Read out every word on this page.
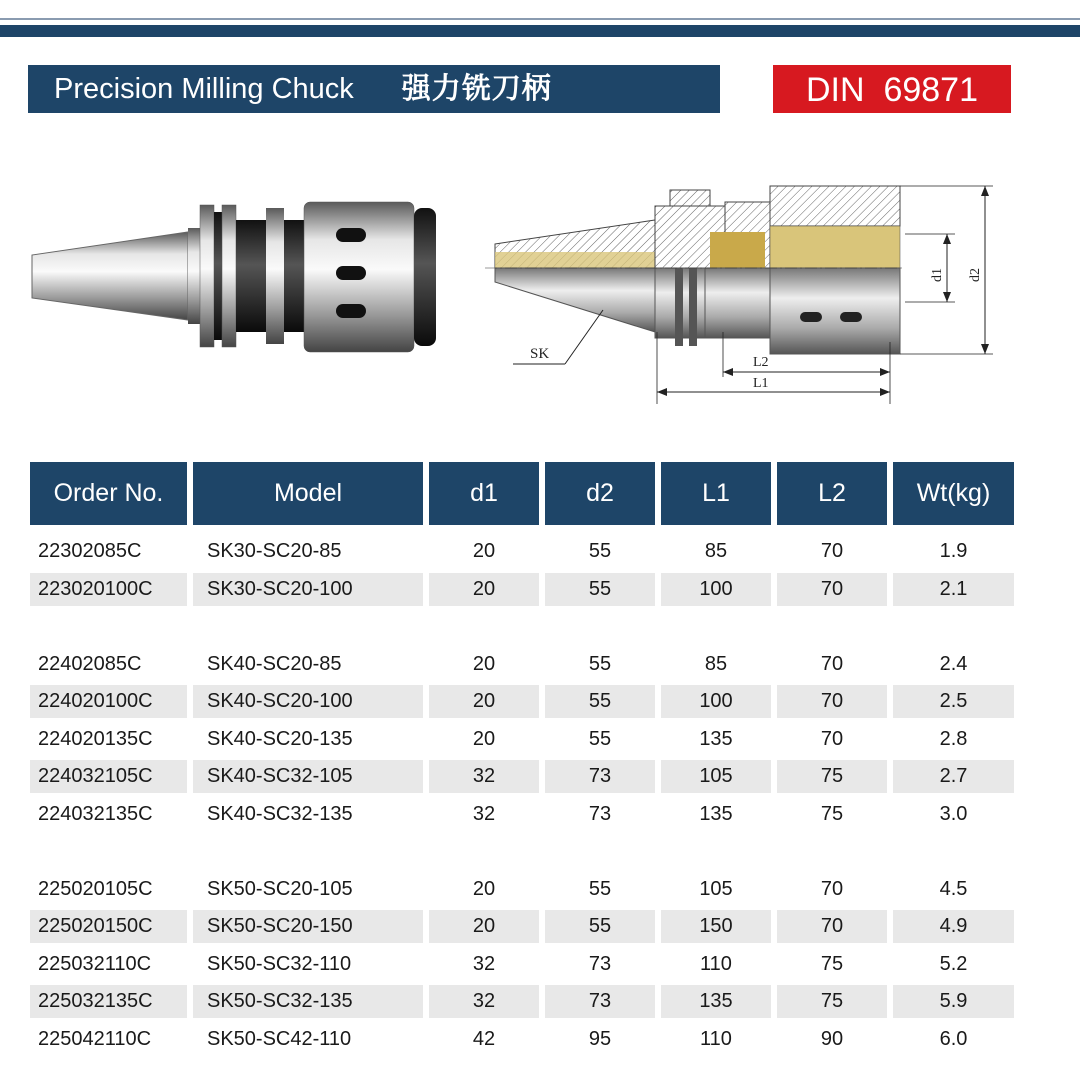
Precision Milling Chuck 强力铣刀柄	DIN  69871
SK
d1 d2
L2
L1
Order No.	Model	d1	d2	L1	L2	Wt(kg)
22302085C	SK30-SC20-85	20	55	85	70	1.9
223020100C	SK30-SC20-100	20	55	100	70	2.1
22402085C	SK40-SC20-85	20	55	85	70	2.4
224020100C	SK40-SC20-100	20	55	100	70	2.5
224020135C	SK40-SC20-135	20	55	135	70	2.8
224032105C	SK40-SC32-105	32	73	105	75	2.7
224032135C	SK40-SC32-135	32	73	135	75	3.0
225020105C	SK50-SC20-105	20	55	105	70	4.5
225020150C	SK50-SC20-150	20	55	150	70	4.9
225032110C	SK50-SC32-110	32	73	110	75	5.2
225032135C	SK50-SC32-135	32	73	135	75	5.9
225042110C	SK50-SC42-110	42	95	110	90	6.0
